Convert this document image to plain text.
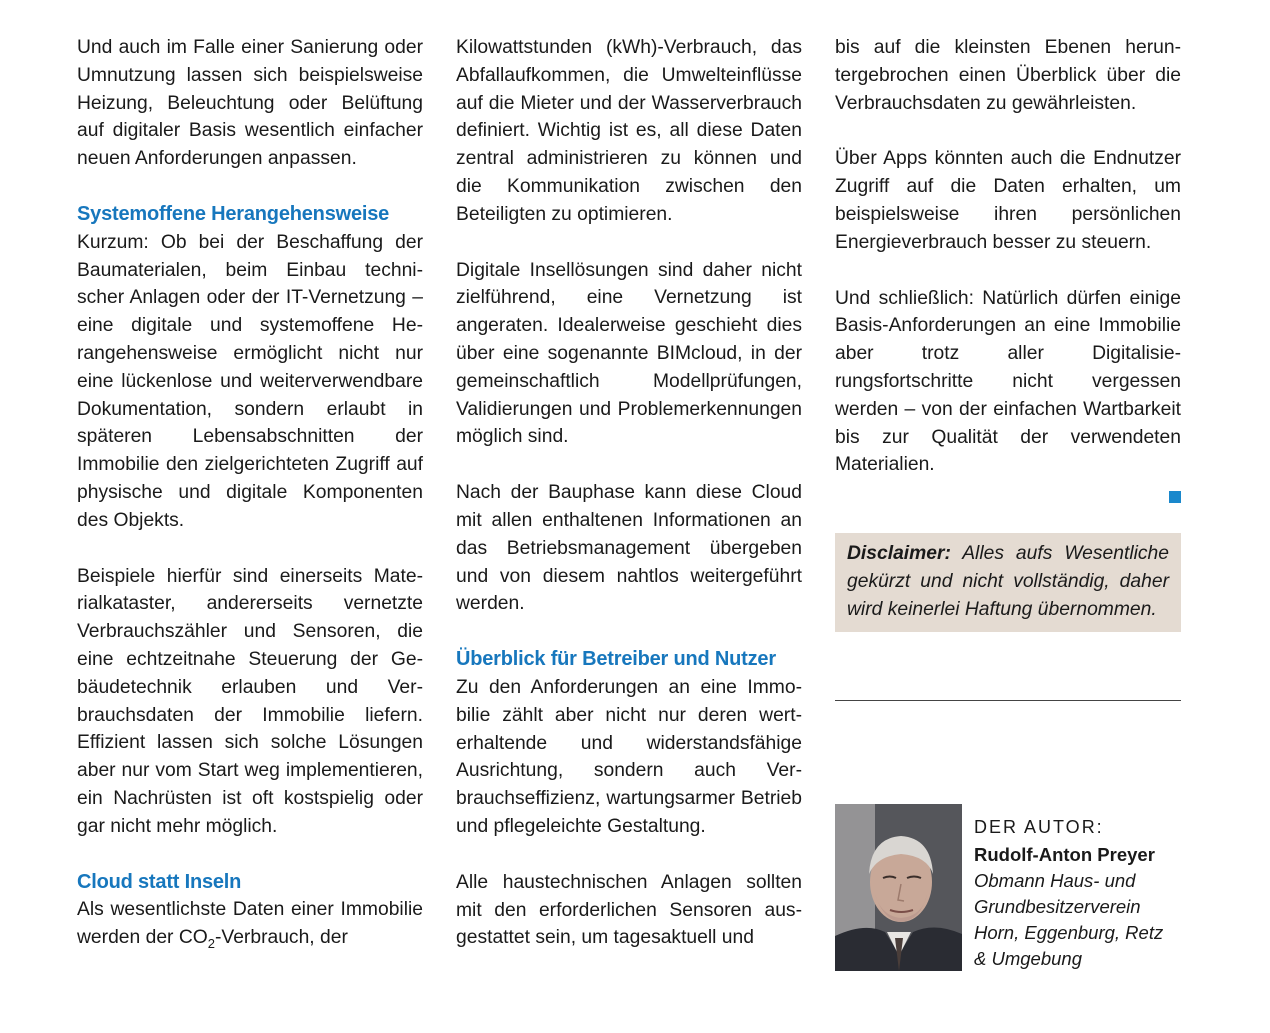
Und auch im Falle einer Sanierung oder Umnutzung lassen sich beispielsweise Heizung, Beleuchtung oder Belüftung auf digitaler Basis wesentlich einfacher neuen Anforderungen anpassen.

Systemoffene Herangehensweise

Kurzum: Ob bei der Beschaffung der Baumaterialen, beim Einbau technischer Anlagen oder der IT-Vernetzung – eine digitale und systemoffene Herangehensweise ermöglicht nicht nur eine lückenlose und weiterverwendbare Dokumentation, sondern erlaubt in späteren Lebensabschnitten der Immobilie den zielgerichteten Zugriff auf physische und digitale Komponenten des Objekts.

Beispiele hierfür sind einerseits Materialkataster, andererseits vernetzte Verbrauchszähler und Sensoren, die eine echtzeitnahe Steuerung der Gebäudetechnik erlauben und Verbrauchsdaten der Immobilie liefern. Effizient lassen sich solche Lösungen aber nur vom Start weg implementieren, ein Nachrüsten ist oft kostspielig oder gar nicht mehr möglich.

Cloud statt Inseln

Als wesentlichste Daten einer Immobilie werden der $CO_2$-Verbrauch, der

Kilowattstunden (kWh)-Verbrauch, das Abfallaufkommen, die Umwelteinflüsse auf die Mieter und der Wasserverbrauch definiert. Wichtig ist es, all diese Daten zentral administrieren zu können und die Kommunikation zwischen den Beteiligten zu optimieren.

Digitale Insellösungen sind daher nicht zielführend, eine Vernetzung ist angeraten. Idealerweise geschieht dies über eine sogenannte BIMcloud, in der gemeinschaftlich Modellprüfungen, Validierungen und Problemerkennungen möglich sind.

Nach der Bauphase kann diese Cloud mit allen enthaltenen Informationen an das Betriebsmanagement übergeben und von diesem nahtlos weitergeführt werden.

Überblick für Betreiber und Nutzer

Zu den Anforderungen an eine Immobilie zählt aber nicht nur deren werterhaltende und widerstandsfähige Ausrichtung, sondern auch Verbrauchseffizienz, wartungsarmer Betrieb und pflegeleichte Gestaltung.

Alle haustechnischen Anlagen sollten mit den erforderlichen Sensoren ausgestattet sein, um tagesaktuell und

bis auf die kleinsten Ebenen heruntergebrochen einen Überblick über die Verbrauchsdaten zu gewährleisten.

Über Apps könnten auch die Endnutzer Zugriff auf die Daten erhalten, um beispielsweise ihren persönlichen Energieverbrauch besser zu steuern.

Und schließlich: Natürlich dürfen einige Basis-Anforderungen an eine Immobilie aber trotz aller Digitalisierungsfortschritte nicht vergessen werden – von der einfachen Wartbarkeit bis zur Qualität der verwendeten Materialien.

Disclaimer: Alles aufs Wesentliche gekürzt und nicht vollständig, daher wird keinerlei Haftung übernommen.

DER AUTOR:

Rudolf-Anton Preyer

Obmann Haus- und

Grundbesitzerverein

Horn, Eggenburg, Retz

& Umgebung
